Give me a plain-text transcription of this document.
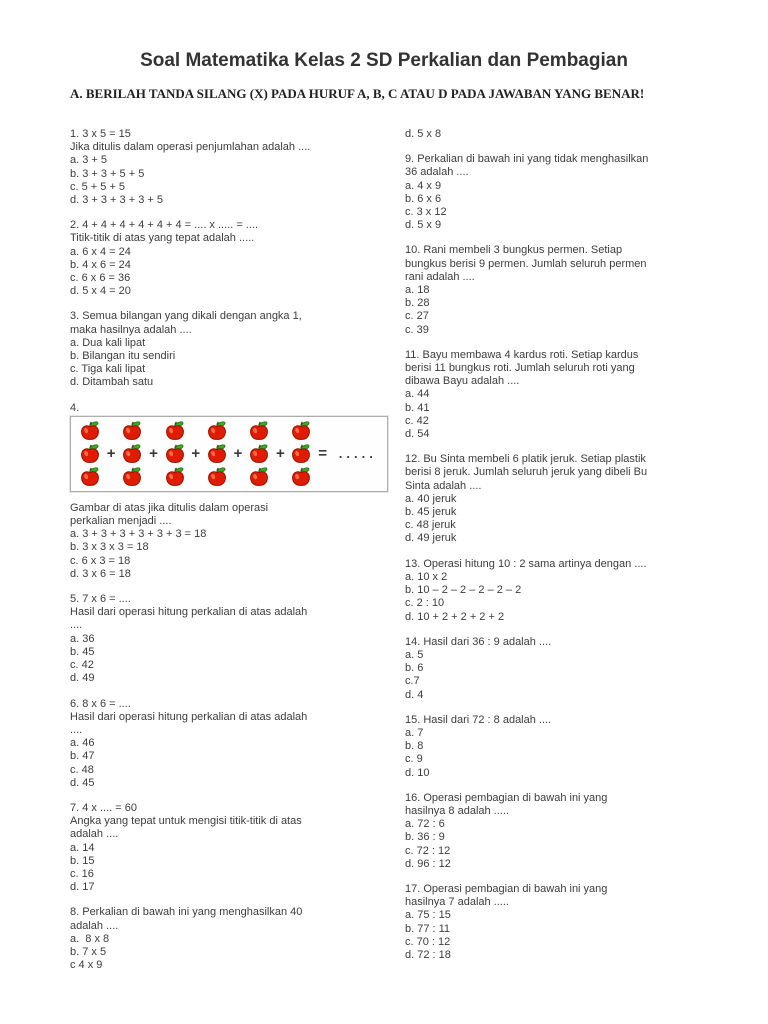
Soal Matematika Kelas 2 SD Perkalian dan Pembagian
A. BERILAH TANDA SILANG (X) PADA HURUF A, B, C ATAU D PADA JAWABAN YANG BENAR!
1. 3 x 5 = 15
Jika ditulis dalam operasi penjumlahan adalah ....
a. 3 + 5
b. 3 + 3 + 5 + 5
c. 5 + 5 + 5
d. 3 + 3 + 3 + 3 + 5
2. 4 + 4 + 4 + 4 + 4 + 4 = .... x ..... = ....
Titik-titik di atas yang tepat adalah .....
a. 6 x 4 = 24
b. 4 x 6 = 24
c. 6 x 6 = 36
d. 5 x 4 = 20
3. Semua bilangan yang dikali dengan angka 1,
maka hasilnya adalah ....
a. Dua kali lipat
b. Bilangan itu sendiri
c. Tiga kali lipat
d. Ditambah satu
4.
+ + + + + = .....
Gambar di atas jika ditulis dalam operasi
perkalian menjadi ....
a. 3 + 3 + 3 + 3 + 3 + 3 = 18
b. 3 x 3 x 3 = 18
c. 6 x 3 = 18
d. 3 x 6 = 18
5. 7 x 6 = ....
Hasil dari operasi hitung perkalian di atas adalah
....
a. 36
b. 45
c. 42
d. 49
6. 8 x 6 = ....
Hasil dari operasi hitung perkalian di atas adalah
....
a. 46
b. 47
c. 48
d. 45
7. 4 x .... = 60
Angka yang tepat untuk mengisi titik-titik di atas
adalah ....
a. 14
b. 15
c. 16
d. 17
8. Perkalian di bawah ini yang menghasilkan 40
adalah ....
a.  8 x 8
b. 7 x 5
c 4 x 9
d. 5 x 8
9. Perkalian di bawah ini yang tidak menghasilkan
36 adalah ....
a. 4 x 9
b. 6 x 6
c. 3 x 12
d. 5 x 9
10. Rani membeli 3 bungkus permen. Setiap
bungkus berisi 9 permen. Jumlah seluruh permen
rani adalah ....
a. 18
b. 28
c. 27
c. 39
11. Bayu membawa 4 kardus roti. Setiap kardus
berisi 11 bungkus roti. Jumlah seluruh roti yang
dibawa Bayu adalah ....
a. 44
b. 41
c. 42
d. 54
12. Bu Sinta membeli 6 platik jeruk. Setiap plastik
berisi 8 jeruk. Jumlah seluruh jeruk yang dibeli Bu
Sinta adalah ....
a. 40 jeruk
b. 45 jeruk
c. 48 jeruk
d. 49 jeruk
13. Operasi hitung 10 : 2 sama artinya dengan ....
a. 10 x 2
b. 10 – 2 – 2 – 2 – 2 – 2
c. 2 : 10
d. 10 + 2 + 2 + 2 + 2
14. Hasil dari 36 : 9 adalah ....
a. 5
b. 6
c.7
d. 4
15. Hasil dari 72 : 8 adalah ....
a. 7
b. 8
c. 9
d. 10
16. Operasi pembagian di bawah ini yang
hasilnya 8 adalah .....
a. 72 : 6
b. 36 : 9
c. 72 : 12
d. 96 : 12
17. Operasi pembagian di bawah ini yang
hasilnya 7 adalah .....
a. 75 : 15
b. 77 : 11
c. 70 : 12
d. 72 : 18
